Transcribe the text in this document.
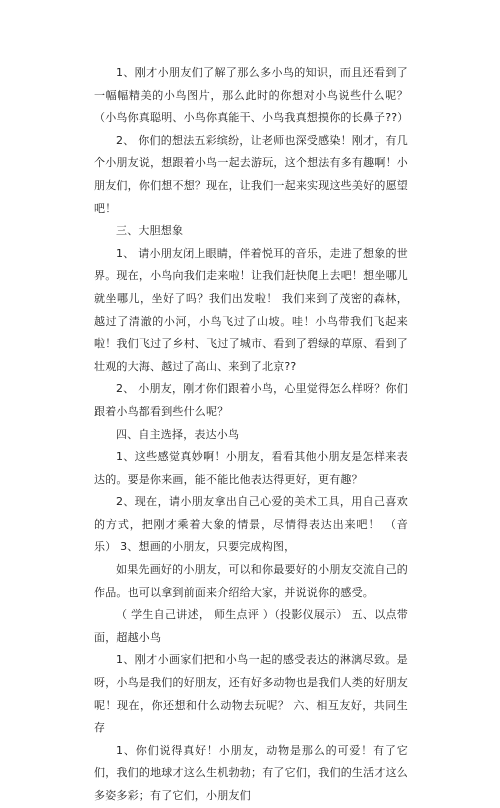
1、刚才小朋友们了解了那么多小鸟的知识，而且还看到了一幅幅精美的小鸟图片，那么此时的你想对小鸟说些什么呢？（小鸟你真聪明、小鸟你真能干、小鸟我真想摸你的长鼻子??）

2、 你们的想法五彩缤纷，让老师也深受感染！刚才，有几个小朋友说，想跟着小鸟一起去游玩，这个想法有多有趣啊！小朋友们，你们想不想？现在，让我们一起来实现这些美好的愿望吧！

三、大胆想象

1、 请小朋友闭上眼睛，伴着悦耳的音乐，走进了想象的世界。现在，小鸟向我们走来啦！让我们赶快爬上去吧！想坐哪儿就坐哪儿，坐好了吗？我们出发啦！ 我们来到了茂密的森林，越过了清澈的小河，小鸟飞过了山坡。哇！小鸟带我们飞起来啦！我们飞过了乡村、飞过了城市、看到了碧绿的草原、看到了壮观的大海、越过了高山、来到了北京??

2、 小朋友，刚才你们跟着小鸟，心里觉得怎么样呀？你们跟着小鸟都看到些什么呢？

四、自主选择，表达小鸟

1、这些感觉真妙啊！小朋友，看看其他小朋友是怎样来表达的。要是你来画，能不能比他表达得更好，更有趣？

2、现在，请小朋友拿出自己心爱的美术工具，用自己喜欢的方式，把刚才乘着大象的情景，尽情得表达出来吧！ （音乐） 3、想画的小朋友，只要完成构图，

如果先画好的小朋友，可以和你最要好的小朋友交流自己的作品。也可以拿到前面来介绍给大家，并说说你的感受。

（ 学生自己讲述， 师生点评 ）（投影仪展示） 五、以点带面，超越小鸟

1、刚才小画家们把和小鸟一起的感受表达的淋漓尽致。是呀，小鸟是我们的好朋友，还有好多动物也是我们人类的好朋友呢！现在，你还想和什么动物去玩呢？ 六、相互友好，共同生存

1、你们说得真好！小朋友，动物是那么的可爱！有了它们，我们的地球才这么生机勃勃；有了它们，我们的生活才这么多姿多彩；有了它们，小朋友们
